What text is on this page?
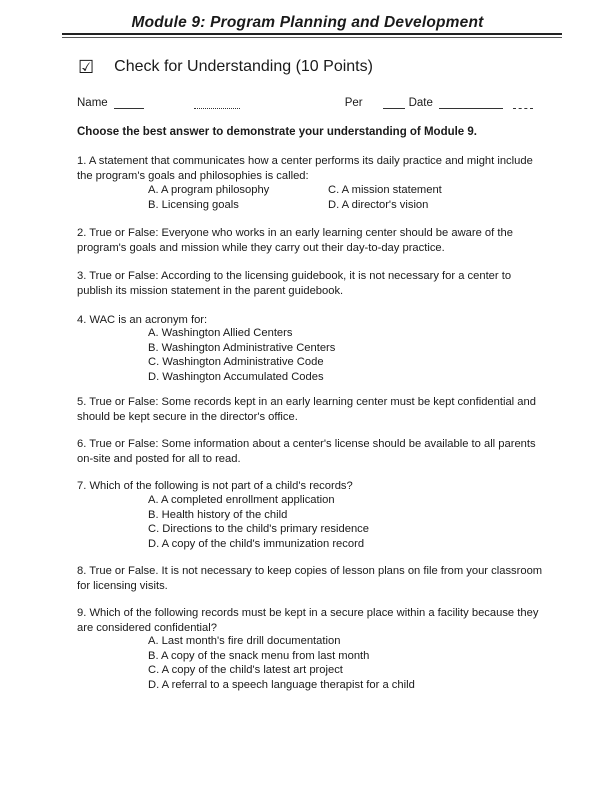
Module 9: Program Planning and Development
☑ Check for Understanding (10 Points)
Name	Per	Date
Choose the best answer to demonstrate your understanding of Module 9.
1. A statement that communicates how a center performs its daily practice and might include the program's goals and philosophies is called:
A. A program philosophy	C. A mission statement
B. Licensing goals	D. A director's vision
2. True or False: Everyone who works in an early learning center should be aware of the program's goals and mission while they carry out their day-to-day practice.
3. True or False: According to the licensing guidebook, it is not necessary for a center to publish its mission statement in the parent guidebook.
4. WAC is an acronym for:
A. Washington Allied Centers
B. Washington Administrative Centers
C. Washington Administrative Code
D. Washington Accumulated Codes
5. True or False: Some records kept in an early learning center must be kept confidential and should be kept secure in the director's office.
6. True or False: Some information about a center's license should be available to all parents on-site and posted for all to read.
7. Which of the following is not part of a child's records?
A. A completed enrollment application
B. Health history of the child
C. Directions to the child's primary residence
D. A copy of the child's immunization record
8. True or False. It is not necessary to keep copies of lesson plans on file from your classroom for licensing visits.
9. Which of the following records must be kept in a secure place within a facility because they are considered confidential?
A. Last month's fire drill documentation
B. A copy of the snack menu from last month
C. A copy of the child's latest art project
D. A referral to a speech language therapist for a child
